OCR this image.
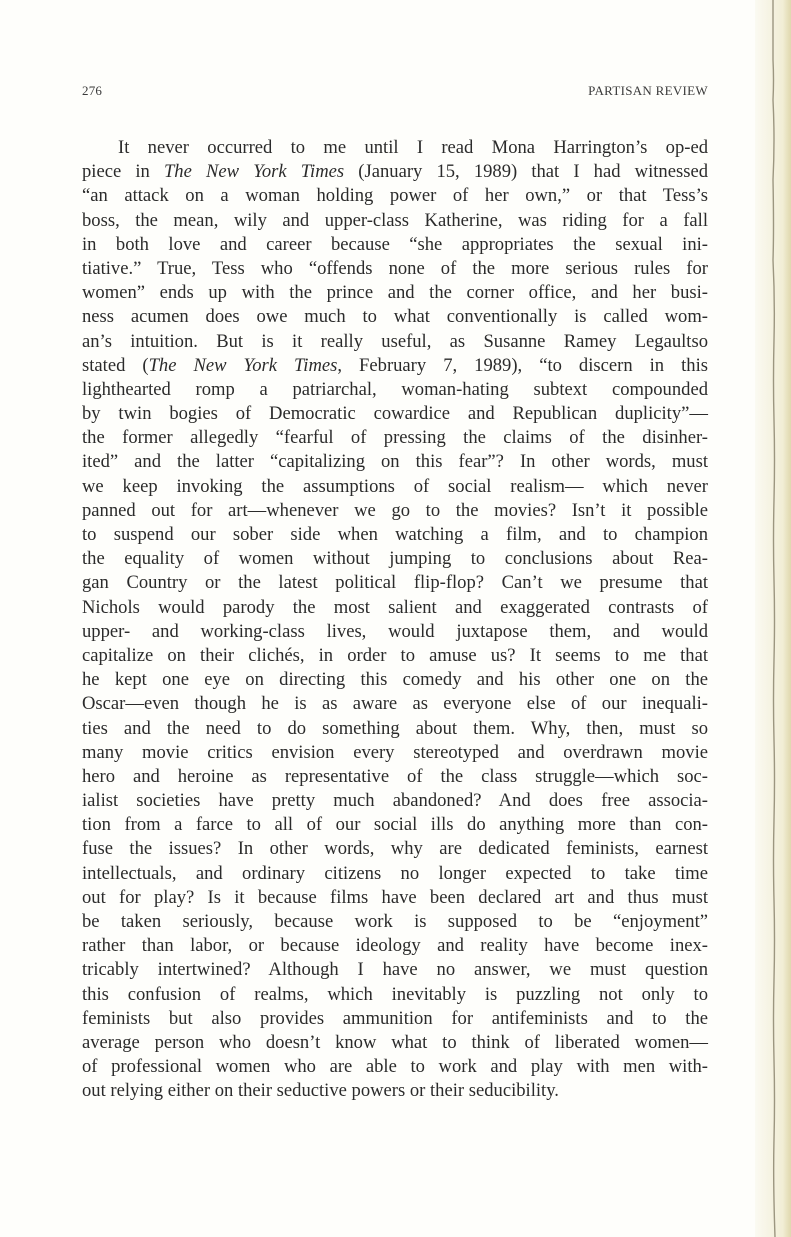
276	PARTISAN REVIEW
It never occurred to me until I read Mona Harrington’s op-ed
piece in The New York Times (January 15, 1989) that I had witnessed
“an attack on a woman holding power of her own,” or that Tess’s
boss, the mean, wily and upper-class Katherine, was riding for a fall
in both love and career because “she appropriates the sexual ini-
tiative.” True, Tess who “offends none of the more serious rules for
women” ends up with the prince and the corner office, and her busi-
ness acumen does owe much to what conventionally is called wom-
an’s intuition. But is it really useful, as Susanne Ramey Legaultso
stated (The New York Times, February 7, 1989), “to discern in this
lighthearted romp a patriarchal, woman-hating subtext compounded
by twin bogies of Democratic cowardice and Republican duplicity”—
the former allegedly “fearful of pressing the claims of the disinher-
ited” and the latter “capitalizing on this fear”? In other words, must
we keep invoking the assumptions of social realism— which never
panned out for art—whenever we go to the movies? Isn’t it possible
to suspend our sober side when watching a film, and to champion
the equality of women without jumping to conclusions about Rea-
gan Country or the latest political flip-flop? Can’t we presume that
Nichols would parody the most salient and exaggerated contrasts of
upper- and working-class lives, would juxtapose them, and would
capitalize on their clichés, in order to amuse us? It seems to me that
he kept one eye on directing this comedy and his other one on the
Oscar—even though he is as aware as everyone else of our inequali-
ties and the need to do something about them. Why, then, must so
many movie critics envision every stereotyped and overdrawn movie
hero and heroine as representative of the class struggle—which soc-
ialist societies have pretty much abandoned? And does free associa-
tion from a farce to all of our social ills do anything more than con-
fuse the issues? In other words, why are dedicated feminists, earnest
intellectuals, and ordinary citizens no longer expected to take time
out for play? Is it because films have been declared art and thus must
be taken seriously, because work is supposed to be “enjoyment”
rather than labor, or because ideology and reality have become inex-
tricably intertwined? Although I have no answer, we must question
this confusion of realms, which inevitably is puzzling not only to
feminists but also provides ammunition for antifeminists and to the
average person who doesn’t know what to think of liberated women—
of professional women who are able to work and play with men with-
out relying either on their seductive powers or their seducibility.
